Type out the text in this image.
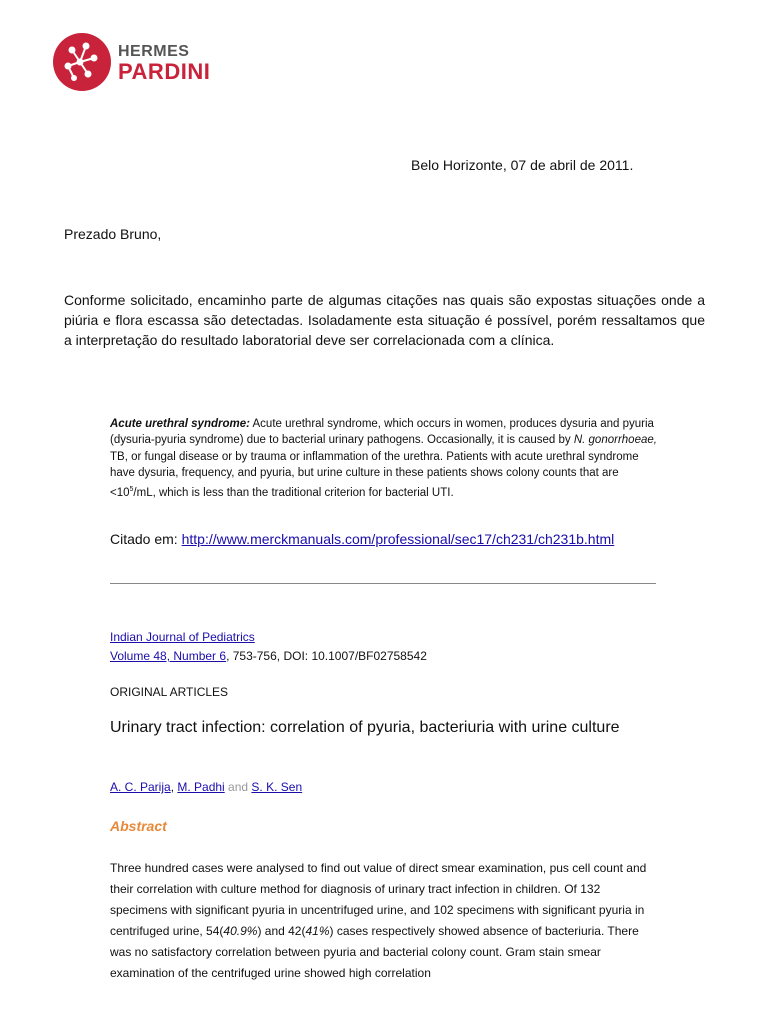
HERMES
PARDINI
Belo Horizonte, 07 de abril de 2011.
Prezado Bruno,
Conforme solicitado, encaminho parte de algumas citações nas quais são expostas situações onde a piúria e flora escassa são detectadas. Isoladamente esta situação é possível, porém ressaltamos que a interpretação do resultado laboratorial deve ser correlacionada com a clínica.
Acute urethral syndrome: Acute urethral syndrome, which occurs in women, produces dysuria and pyuria (dysuria-pyuria syndrome) due to bacterial urinary pathogens. Occasionally, it is caused by N. gonorrhoeae, TB, or fungal disease or by trauma or inflammation of the urethra. Patients with acute urethral syndrome have dysuria, frequency, and pyuria, but urine culture in these patients shows colony counts that are $<10^5/mL$, which is less than the traditional criterion for bacterial UTI.
Citado em: http://www.merckmanuals.com/professional/sec17/ch231/ch231b.html
Indian Journal of Pediatrics
Volume 48, Number 6, 753-756, DOI: 10.1007/BF02758542
ORIGINAL ARTICLES
Urinary tract infection: correlation of pyuria, bacteriuria with urine culture
A. C. Parija, M. Padhi and S. K. Sen
Abstract
Three hundred cases were analysed to find out value of direct smear examination, pus cell count and their correlation with culture method for diagnosis of urinary tract infection in children. Of 132 specimens with significant pyuria in uncentrifuged urine, and 102 specimens with significant pyuria in centrifuged urine, 54(40.9%) and 42(41%) cases respectively showed absence of bacteriuria. There was no satisfactory correlation between pyuria and bacterial colony count. Gram stain smear examination of the centrifuged urine showed high correlation
